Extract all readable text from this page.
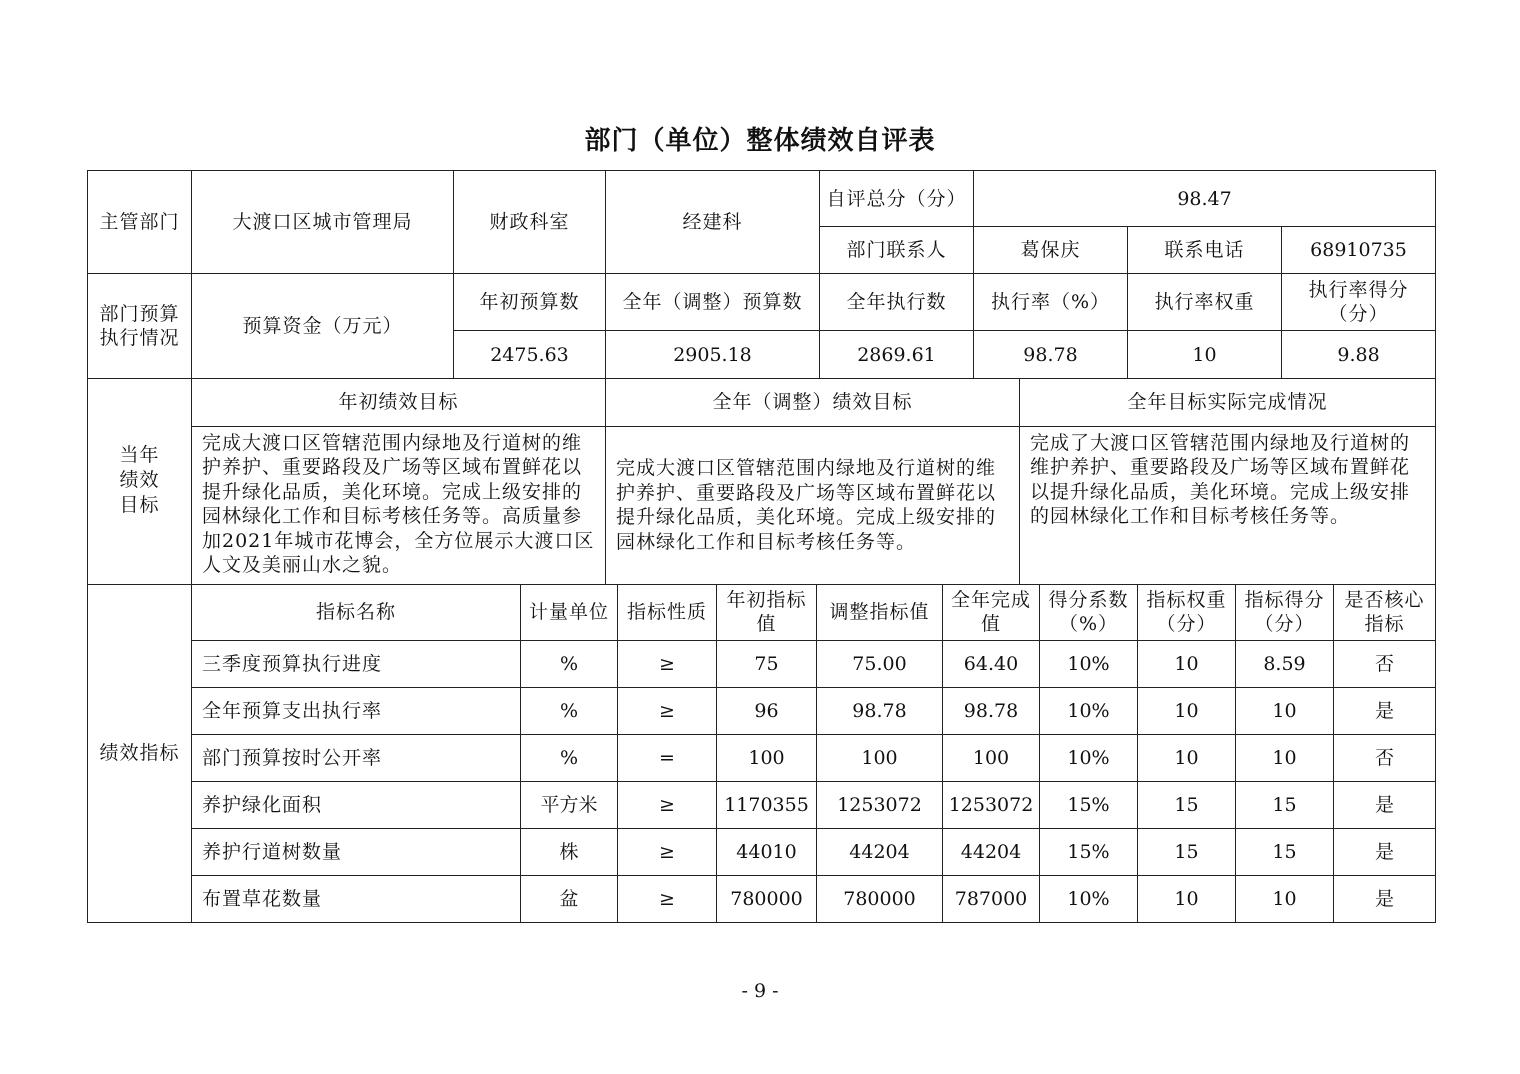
部门（单位）整体绩效自评表
主管部门	大渡口区城市管理局	财政科室	经建科	自评总分（分）	98.47		
				部门联系人	葛保庆	联系电话	68910735
部门预算执行情况	预算资金（万元）	年初预算数	全年（调整）预算数	全年执行数	执行率（%）	执行率权重	执行率得分（分）
		2475.63	2905.18	2869.61	98.78	10	9.88
当年绩效目标	年初绩效目标	全年（调整）绩效目标	全年目标实际完成情况
	完成大渡口区管辖范围内绿地及行道树的维护养护、重要路段及广场等区域布置鲜花以提升绿化品质，美化环境。完成上级安排的园林绿化工作和目标考核任务等。高质量参加2021年城市花博会，全方位展示大渡口区人文及美丽山水之貌。	完成大渡口区管辖范围内绿地及行道树的维护养护、重要路段及广场等区域布置鲜花以提升绿化品质，美化环境。完成上级安排的园林绿化工作和目标考核任务等。	完成了大渡口区管辖范围内绿地及行道树的维护养护、重要路段及广场等区域布置鲜花以提升绿化品质，美化环境。完成上级安排的园林绿化工作和目标考核任务等。
绩效指标	指标名称	计量单位	指标性质	年初指标值	调整指标值	全年完成值	得分系数（%）	指标权重（分）	指标得分（分）	是否核心指标
	三季度预算执行进度	%	≥	75	75.00	64.40	10%	10	8.59	否
	全年预算支出执行率	%	≥	96	98.78	98.78	10%	10	10	是
	部门预算按时公开率	%	=	100	100	100	10%	10	10	否
	养护绿化面积	平方米	≥	1170355	1253072	1253072	15%	15	15	是
	养护行道树数量	株	≥	44010	44204	44204	15%	15	15	是
	布置草花数量	盆	≥	780000	780000	787000	10%	10	10	是
- 9 -
